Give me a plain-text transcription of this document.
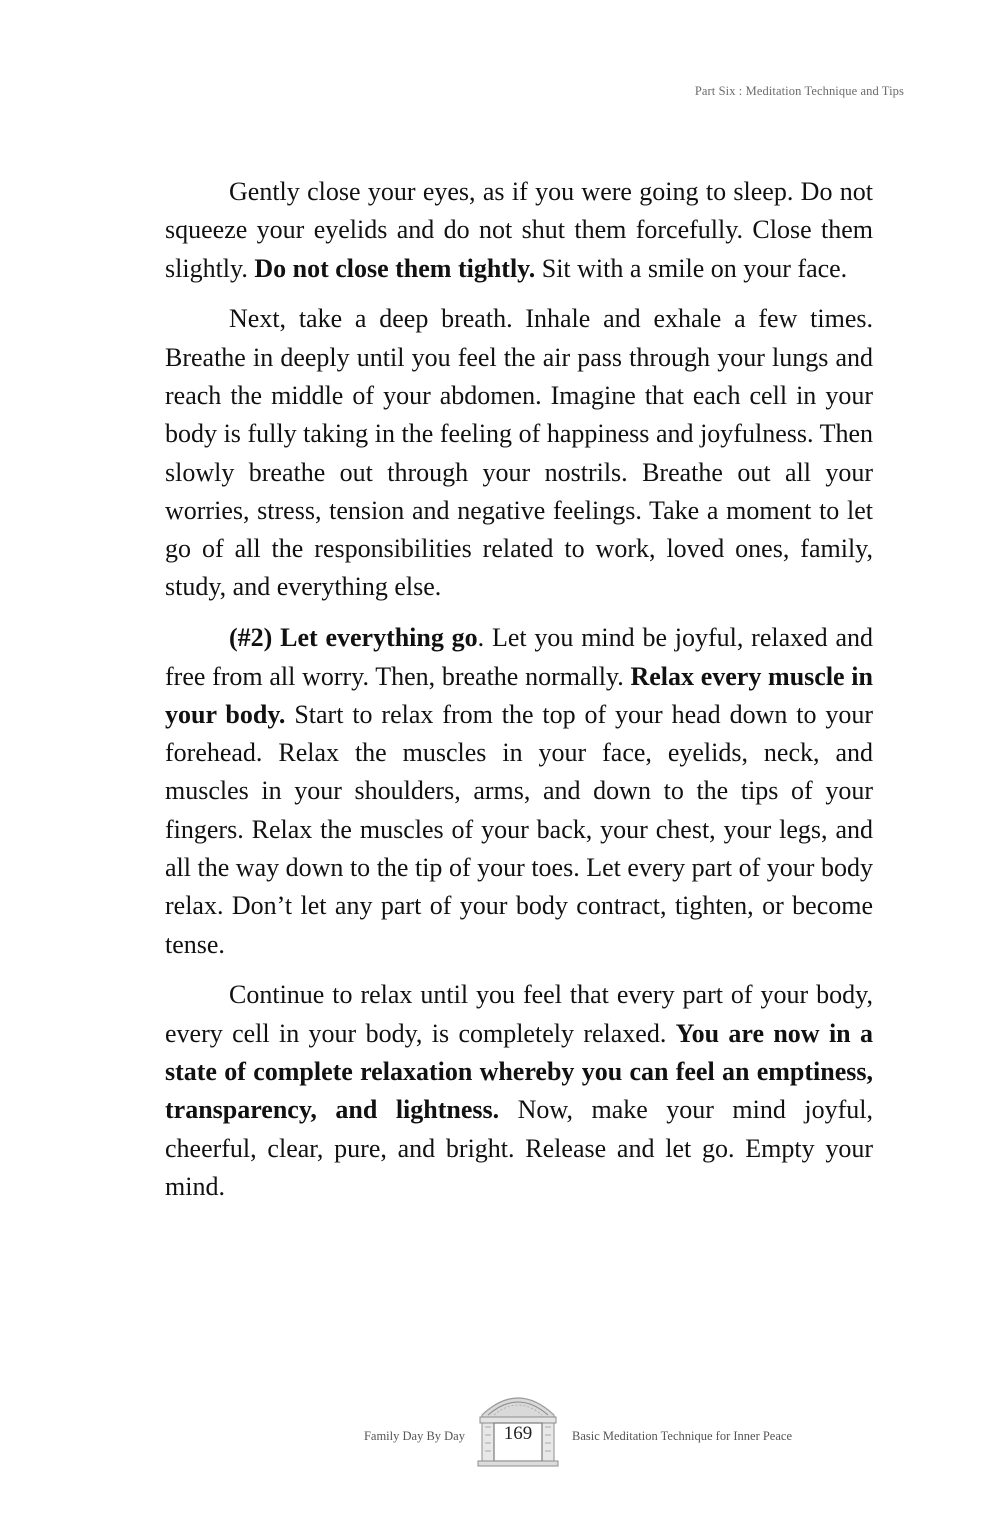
Part Six : Meditation Technique and Tips

Gently close your eyes, as if you were going to sleep. Do not squeeze your eyelids and do not shut them forcefully. Close them slightly. Do not close them tightly. Sit with a smile on your face.

Next, take a deep breath. Inhale and exhale a few times. Breathe in deeply until you feel the air pass through your lungs and reach the middle of your abdomen. Imagine that each cell in your body is fully taking in the feeling of happiness and joyfulness. Then slowly breathe out through your nostrils. Breathe out all your worries, stress, tension and negative feelings. Take a moment to let go of all the responsibilities related to work, loved ones, family, study, and everything else.

(#2) Let everything go. Let you mind be joyful, relaxed and free from all worry. Then, breathe normally. Relax every muscle in your body. Start to relax from the top of your head down to your forehead. Relax the muscles in your face, eyelids, neck, and muscles in your shoulders, arms, and down to the tips of your fingers. Relax the muscles of your back, your chest, your legs, and all the way down to the tip of your toes. Let every part of your body relax. Don’t let any part of your body contract, tighten, or become tense.

Continue to relax until you feel that every part of your body, every cell in your body, is completely relaxed. You are now in a state of complete relaxation whereby you can feel an emptiness, transparency, and lightness. Now, make your mind joyful, cheerful, clear, pure, and bright. Release and let go. Empty your mind.

Family Day By Day	169	Basic Meditation Technique for Inner Peace
